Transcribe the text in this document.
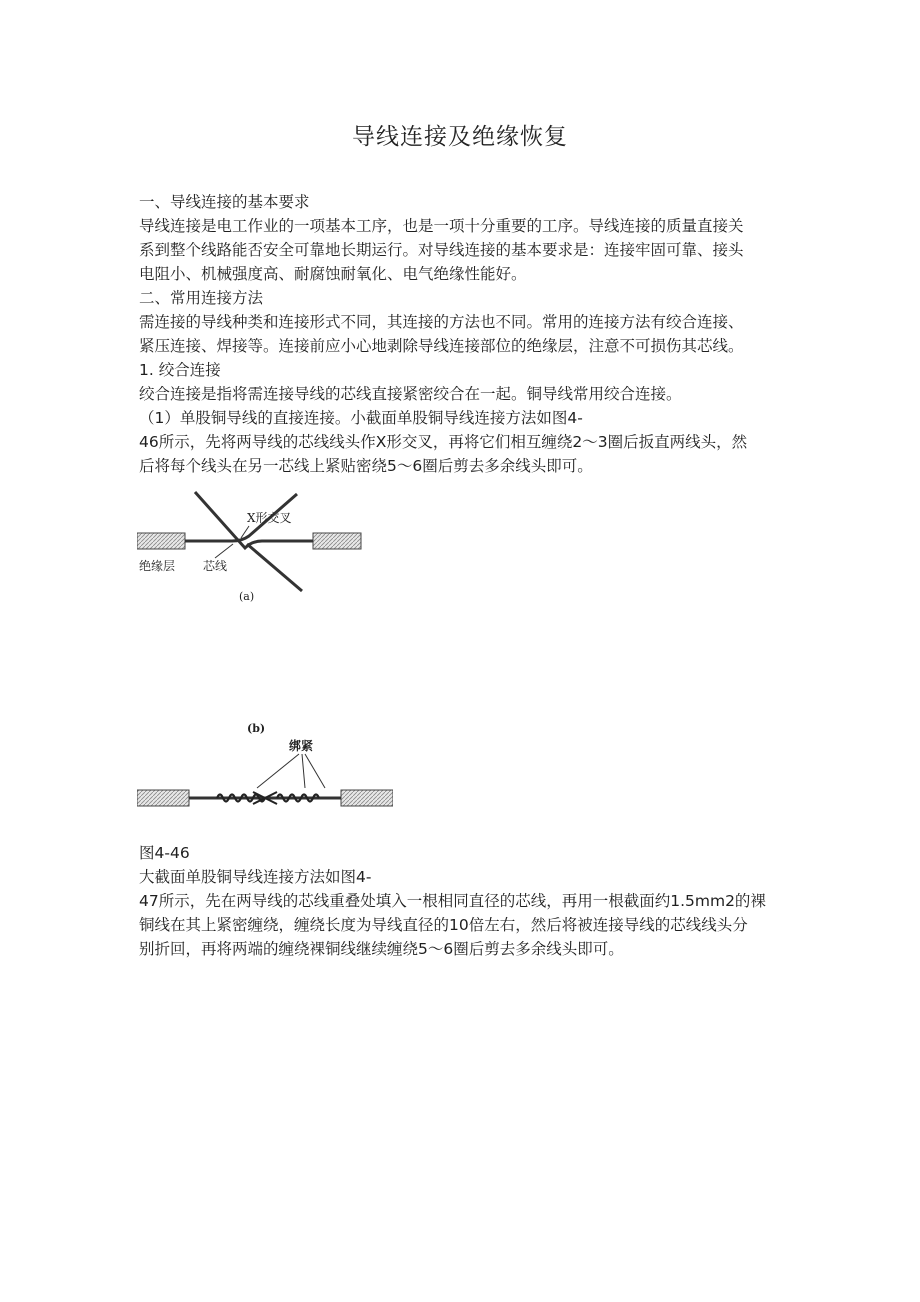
导线连接及绝缘恢复
一、导线连接的基本要求
导线连接是电工作业的一项基本工序，也是一项十分重要的工序。导线连接的质量直接关
系到整个线路能否安全可靠地长期运行。对导线连接的基本要求是：连接牢固可靠、接头
电阻小、机械强度高、耐腐蚀耐氧化、电气绝缘性能好。
二、常用连接方法
需连接的导线种类和连接形式不同，其连接的方法也不同。常用的连接方法有绞合连接、
紧压连接、焊接等。连接前应小心地剥除导线连接部位的绝缘层，注意不可损伤其芯线。
1. 绞合连接
绞合连接是指将需连接导线的芯线直接紧密绞合在一起。铜导线常用绞合连接。
（1）单股铜导线的直接连接。小截面单股铜导线连接方法如图4-
46所示，先将两导线的芯线线头作X形交叉，再将它们相互缠绕2～3圈后扳直两线头，然
后将每个线头在另一芯线上紧贴密绕5～6圈后剪去多余线头即可。
X形交叉
绝缘层 芯线
(a)
(b)
绑紧
图4-46
大截面单股铜导线连接方法如图4-
47所示，先在两导线的芯线重叠处填入一根相同直径的芯线，再用一根截面约1.5mm2的裸
铜线在其上紧密缠绕，缠绕长度为导线直径的10倍左右，然后将被连接导线的芯线线头分
别折回，再将两端的缠绕裸铜线继续缠绕5～6圈后剪去多余线头即可。
